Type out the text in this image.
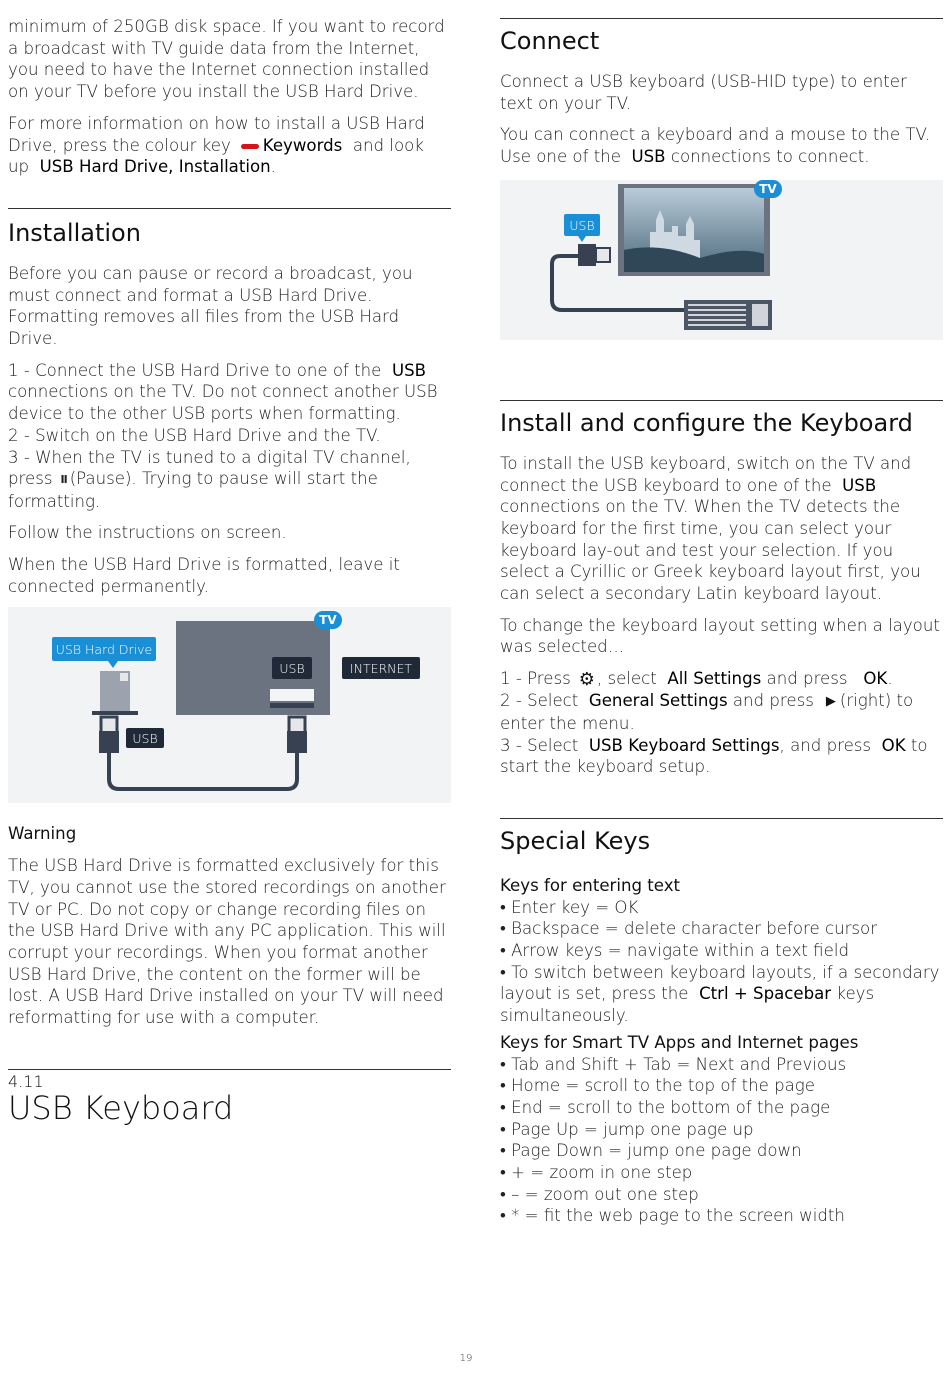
minimum of 250GB disk space. If you want to record a broadcast with TV guide data from the Internet, you need to have the Internet connection installed on your TV before you install the USB Hard Drive.

For more information on how to install a USB Hard Drive, press the colour key Keywords and look up USB Hard Drive, Installation.

Installation

Before you can pause or record a broadcast, you must connect and format a USB Hard Drive. Formatting removes all files from the USB Hard Drive.

1 - Connect the USB Hard Drive to one of the USB connections on the TV. Do not connect another USB device to the other USB ports when formatting.
2 - Switch on the USB Hard Drive and the TV.
3 - When the TV is tuned to a digital TV channel, press II (Pause). Trying to pause will start the formatting.

Follow the instructions on screen.

When the USB Hard Drive is formatted, leave it connected permanently.

TV
USB Hard Drive
USB	INTERNET
USB
Warning

The USB Hard Drive is formatted exclusively for this TV, you cannot use the stored recordings on another TV or PC. Do not copy or change recording files on the USB Hard Drive with any PC application. This will corrupt your recordings. When you format another USB Hard Drive, the content on the former will be lost. A USB Hard Drive installed on your TV will need reformatting for use with a computer.

4.11
USB Keyboard
Connect

Connect a USB keyboard (USB-HID type) to enter text on your TV.

You can connect a keyboard and a mouse to the TV. Use one of the USB connections to connect.

TV
USB
Install and configure the Keyboard

To install the USB keyboard, switch on the TV and connect the USB keyboard to one of the USB connections on the TV. When the TV detects the keyboard for the first time, you can select your keyboard lay-out and test your selection. If you select a Cyrillic or Greek keyboard layout first, you can select a secondary Latin keyboard layout.

To change the keyboard layout setting when a layout was selected…

1 - Press ⚙ , select All Settings and press OK.
2 - Select General Settings and press ▶ (right) to enter the menu.
3 - Select USB Keyboard Settings, and press OK to start the keyboard setup.
Special Keys
Keys for entering text
• Enter key = OK
• Backspace = delete character before cursor
• Arrow keys = navigate within a text field
• To switch between keyboard layouts, if a secondary layout is set, press the Ctrl + Spacebar keys simultaneously.
Keys for Smart TV Apps and Internet pages
• Tab and Shift + Tab = Next and Previous
• Home = scroll to the top of the page
• End = scroll to the bottom of the page
• Page Up = jump one page up
• Page Down = jump one page down
• + = zoom in one step
• – = zoom out one step
• * = fit the web page to the screen width
19
